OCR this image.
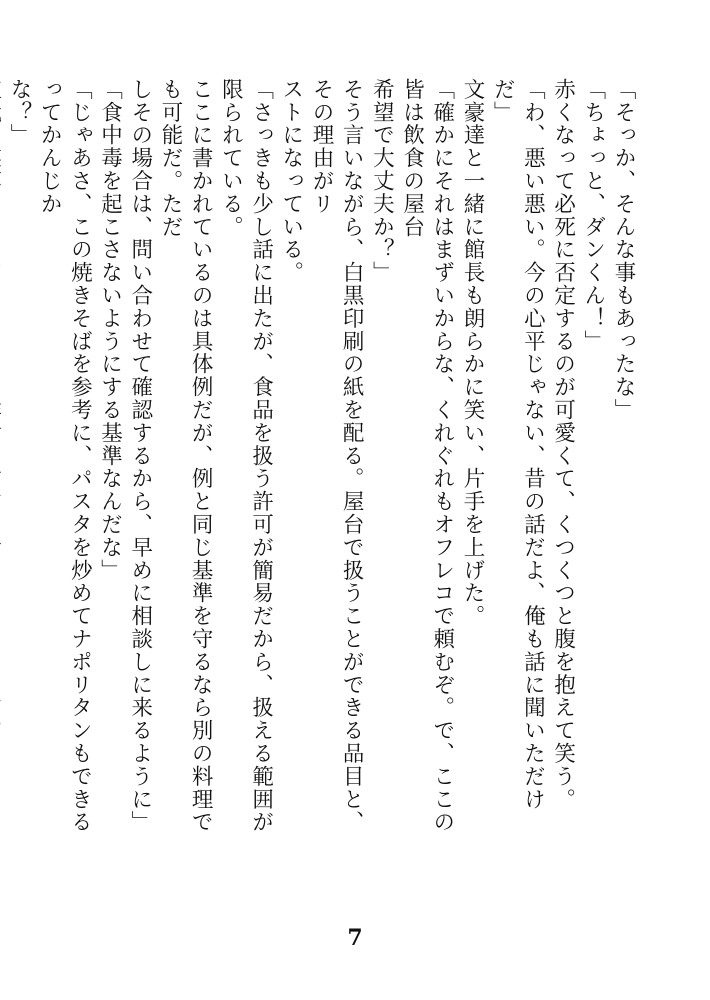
「そっか、そんな事もあったな」

「ちょっと、ダンくん！」

赤くなって必死に否定するのが可愛くて、くつくつと腹を抱えて笑う。

「わ、悪い悪い。今の心平じゃない、昔の話だよ、俺も話に聞いただけだ」

文豪達と一緒に館長も朗らかに笑い、片手を上げた。

「確かにそれはまずいからな、くれぐれもオフレコで頼むぞ。で、ここの皆は飲食の屋台

希望で大丈夫か？」

そう言いながら、白黒印刷の紙を配る。屋台で扱うことができる品目と、その理由がリ

ストになっている。

「さっきも少し話に出たが、食品を扱う許可が簡易だから、扱える範囲が限られている。

ここに書かれているのは具体例だが、例と同じ基準を守るなら別の料理でも可能だ。ただ

しその場合は、問い合わせて確認するから、早めに相談しに来るように」

「食中毒を起こさないようにする基準なんだな」

「じゃあさ、この焼きそばを参考に、パスタを炒めてナポリタンもできるってかんじか

な？」

7
